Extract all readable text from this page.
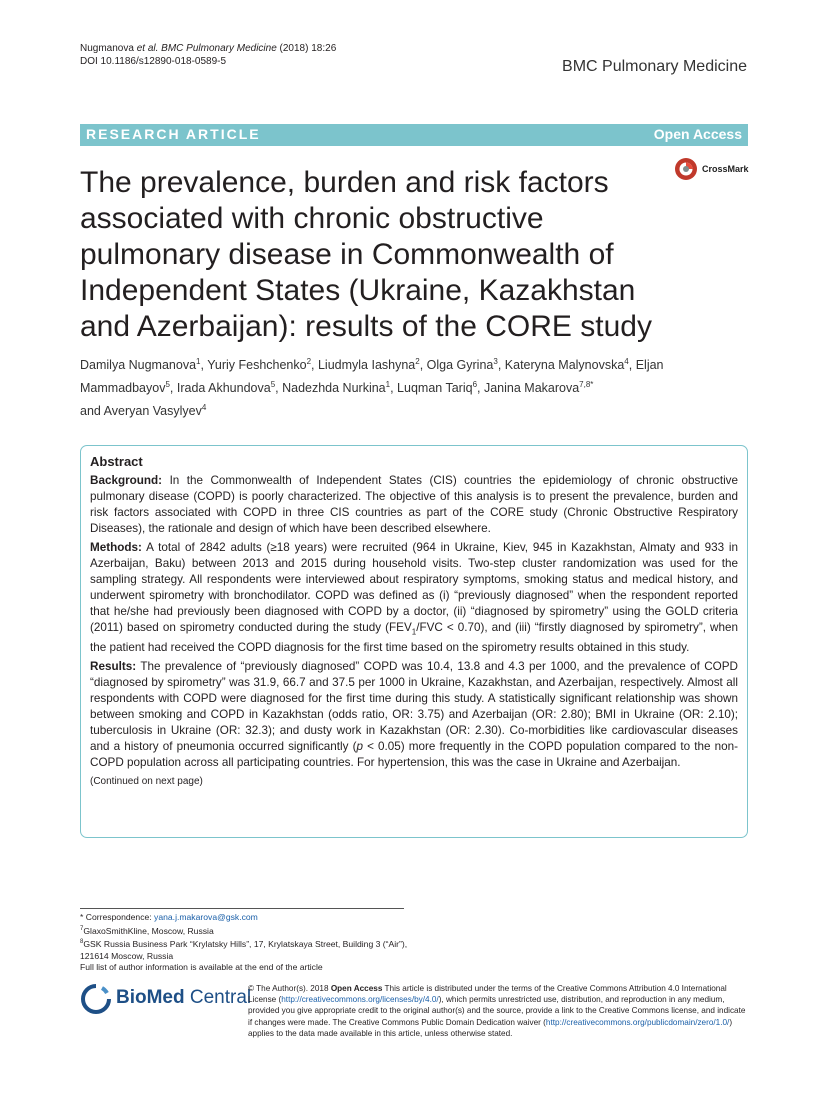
Nugmanova et al. BMC Pulmonary Medicine (2018) 18:26
DOI 10.1186/s12890-018-0589-5	BMC Pulmonary Medicine
RESEARCH ARTICLE	Open Access
CrossMark
The prevalence, burden and risk factors associated with chronic obstructive pulmonary disease in Commonwealth of Independent States (Ukraine, Kazakhstan and Azerbaijan): results of the CORE study
Damilya Nugmanova$^1$, Yuriy Feshchenko$^2$, Liudmyla Iashyna$^2$, Olga Gyrina$^3$, Kateryna Malynovska$^4$, Eljan Mammadbayov$^5$, Irada Akhundova$^5$, Nadezhda Nurkina$^1$, Luqman Tariq$^6$, Janina Makarova$^{7,8*}$
and Averyan Vasylyev$^4$
Abstract

Background: In the Commonwealth of Independent States (CIS) countries the epidemiology of chronic obstructive pulmonary disease (COPD) is poorly characterized. The objective of this analysis is to present the prevalence, burden and risk factors associated with COPD in three CIS countries as part of the CORE study (Chronic Obstructive Respiratory Diseases), the rationale and design of which have been described elsewhere.

Methods: A total of 2842 adults (≥18 years) were recruited (964 in Ukraine, Kiev, 945 in Kazakhstan, Almaty and 933 in Azerbaijan, Baku) between 2013 and 2015 during household visits. Two-step cluster randomization was used for the sampling strategy. All respondents were interviewed about respiratory symptoms, smoking status and medical history, and underwent spirometry with bronchodilator. COPD was defined as (i) “previously diagnosed” when the respondent reported that he/she had previously been diagnosed with COPD by a doctor, (ii) “diagnosed by spirometry” using the GOLD criteria (2011) based on spirometry conducted during the study ($FEV_1$/FVC < 0.70), and (iii) “firstly diagnosed by spirometry”, when the patient had received the COPD diagnosis for the first time based on the spirometry results obtained in this study.

Results: The prevalence of “previously diagnosed” COPD was 10.4, 13.8 and 4.3 per 1000, and the prevalence of COPD “diagnosed by spirometry” was 31.9, 66.7 and 37.5 per 1000 in Ukraine, Kazakhstan, and Azerbaijan, respectively. Almost all respondents with COPD were diagnosed for the first time during this study. A statistically significant relationship was shown between smoking and COPD in Kazakhstan (odds ratio, OR: 3.75) and Azerbaijan (OR: 2.80); BMI in Ukraine (OR: 2.10); tuberculosis in Ukraine (OR: 32.3); and dusty work in Kazakhstan (OR: 2.30). Co-morbidities like cardiovascular diseases and a history of pneumonia occurred significantly (p < 0.05) more frequently in the COPD population compared to the non-COPD population across all participating countries. For hypertension, this was the case in Ukraine and Azerbaijan.

(Continued on next page)

* Correspondence: yana.j.makarova@gsk.com
$^7$GlaxoSmithKline, Moscow, Russia
$^8$GSK Russia Business Park “Krylatsky Hills”, 17, Krylatskaya Street, Building 3 (“Air”), 121614 Moscow, Russia
Full list of author information is available at the end of the article
BioMed Central
© The Author(s). 2018 Open Access This article is distributed under the terms of the Creative Commons Attribution 4.0 International License (http://creativecommons.org/licenses/by/4.0/), which permits unrestricted use, distribution, and reproduction in any medium, provided you give appropriate credit to the original author(s) and the source, provide a link to the Creative Commons license, and indicate if changes were made. The Creative Commons Public Domain Dedication waiver (http://creativecommons.org/publicdomain/zero/1.0/) applies to the data made available in this article, unless otherwise stated.
